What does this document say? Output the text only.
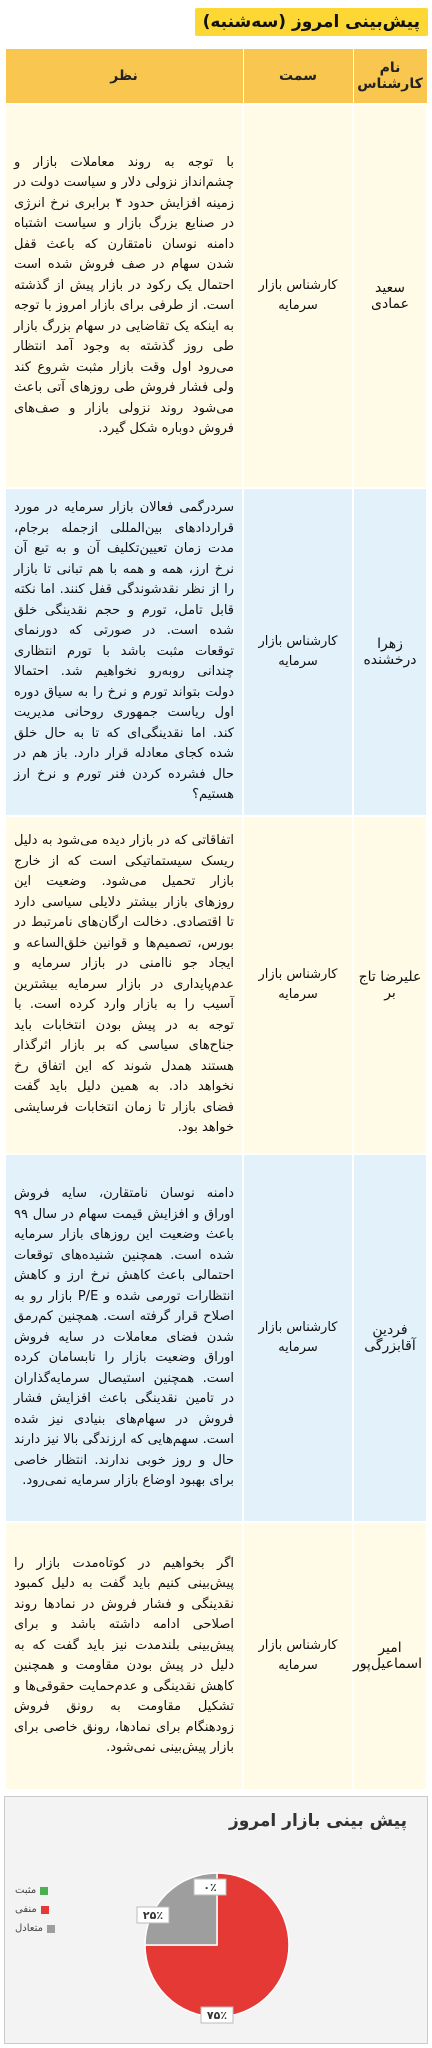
پیش‌بینی امروز (سه‌شنبه)
نام کارشناس	سمت	نظر
سعید عمادی	کارشناس بازار سرمایه	با توجه به روند معاملات بازار و چشم‌انداز نزولی دلار و سیاست دولت در زمینه افزایش حدود ۴ برابری نرخ انرژی در صنایع بزرگ بازار و سیاست اشتباه دامنه نوسان نامتقارن که باعث قفل شدن سهام در صف فروش شده است احتمال یک رکود در بازار پیش از گذشته است. از طرفی برای بازار امروز با توجه به اینکه یک تقاضایی در سهام بزرگ بازار طی روز گذشته به وجود آمد انتظار می‌رود اول وقت بازار مثبت شروع کند ولی فشار فروش طی روزهای آتی باعث می‌شود روند نزولی بازار و صف‌های فروش دوباره شکل گیرد.
زهرا درخشنده	کارشناس بازار سرمایه	سردرگمی فعالان بازار سرمایه در مورد قراردادهای بین‌المللی ازجمله برجام، مدت زمان تعیین‌تکلیف آن و به تبع آن نرخ ارز، همه و همه با هم تبانی تا بازار را از نظر نقدشوندگی قفل کنند. اما نکته قابل تامل، تورم و حجم نقدینگی خلق شده است. در صورتی که دورنمای توقعات مثبت باشد با تورم انتظاری چندانی روبه‌رو نخواهیم شد. احتمالا دولت بتواند تورم و نرخ را به سیاق دوره اول ریاست جمهوری روحانی مدیریت کند. اما نقدینگی‌ای که تا به حال خلق شده کجای معادله قرار دارد. باز هم در حال فشرده کردن فنر تورم و نرخ ارز هستیم؟
علیرضا تاج بر	کارشناس بازار سرمایه	اتفاقاتی که در بازار دیده می‌شود به دلیل ریسک سیستماتیکی است که از خارج بازار تحمیل می‌شود. وضعیت این روزهای بازار بیشتر دلایلی سیاسی دارد تا اقتصادی. دخالت ارگان‌های نامرتبط در بورس، تصمیم‌ها و قوانین خلق‌الساعه و ایجاد جو ناامنی در بازار سرمایه و عدم‌پایداری در بازار سرمایه بیشترین آسیب را به بازار وارد کرده است. با توجه به در پیش بودن انتخابات باید جناح‌های سیاسی که بر بازار اثرگذار هستند همدل شوند که این اتفاق رخ نخواهد داد. به همین دلیل باید گفت فضای بازار تا زمان انتخابات فرسایشی خواهد بود.
فردین آقابزرگی	کارشناس بازار سرمایه	دامنه نوسان نامتقارن، سایه فروش اوراق و افزایش قیمت سهام در سال ۹۹ باعث وضعیت این روزهای بازار سرمایه شده است. همچنین شنیده‌های توقعات احتمالی باعث کاهش نرخ ارز و کاهش انتظارات تورمی شده و P/E بازار رو به اصلاح قرار گرفته است. همچنین کم‌رمق شدن فضای معاملات در سایه فروش اوراق وضعیت بازار را نابسامان کرده است. همچنین استیصال سرمایه‌گذاران در تامین نقدینگی باعث افزایش فشار فروش در سهام‌های بنیادی نیز شده است. سهم‌هایی که ارزندگی بالا نیز دارند حال و روز خوبی ندارند. انتظار خاصی برای بهبود اوضاع بازار سرمایه نمی‌رود.
امیر اسماعیل‌پور	کارشناس بازار سرمایه	اگر بخواهیم در کوتاه‌مدت بازار را پیش‌بینی کنیم باید گفت به دلیل کمبود نقدینگی و فشار فروش در نمادها روند اصلاحی ادامه داشته باشد و برای پیش‌بینی بلندمدت نیز باید گفت که به دلیل در پیش بودن مقاومت و همچنین کاهش نقدینگی و عدم‌حمایت حقوقی‌ها و تشکیل مقاومت به رونق فروش زودهنگام برای نمادها، رونق خاصی برای بازار پیش‌بینی نمی‌شود.
پیش بینی بازار امروز
۰٪
۷۵٪
۲۵٪
مثبت
منفی
متعادل
